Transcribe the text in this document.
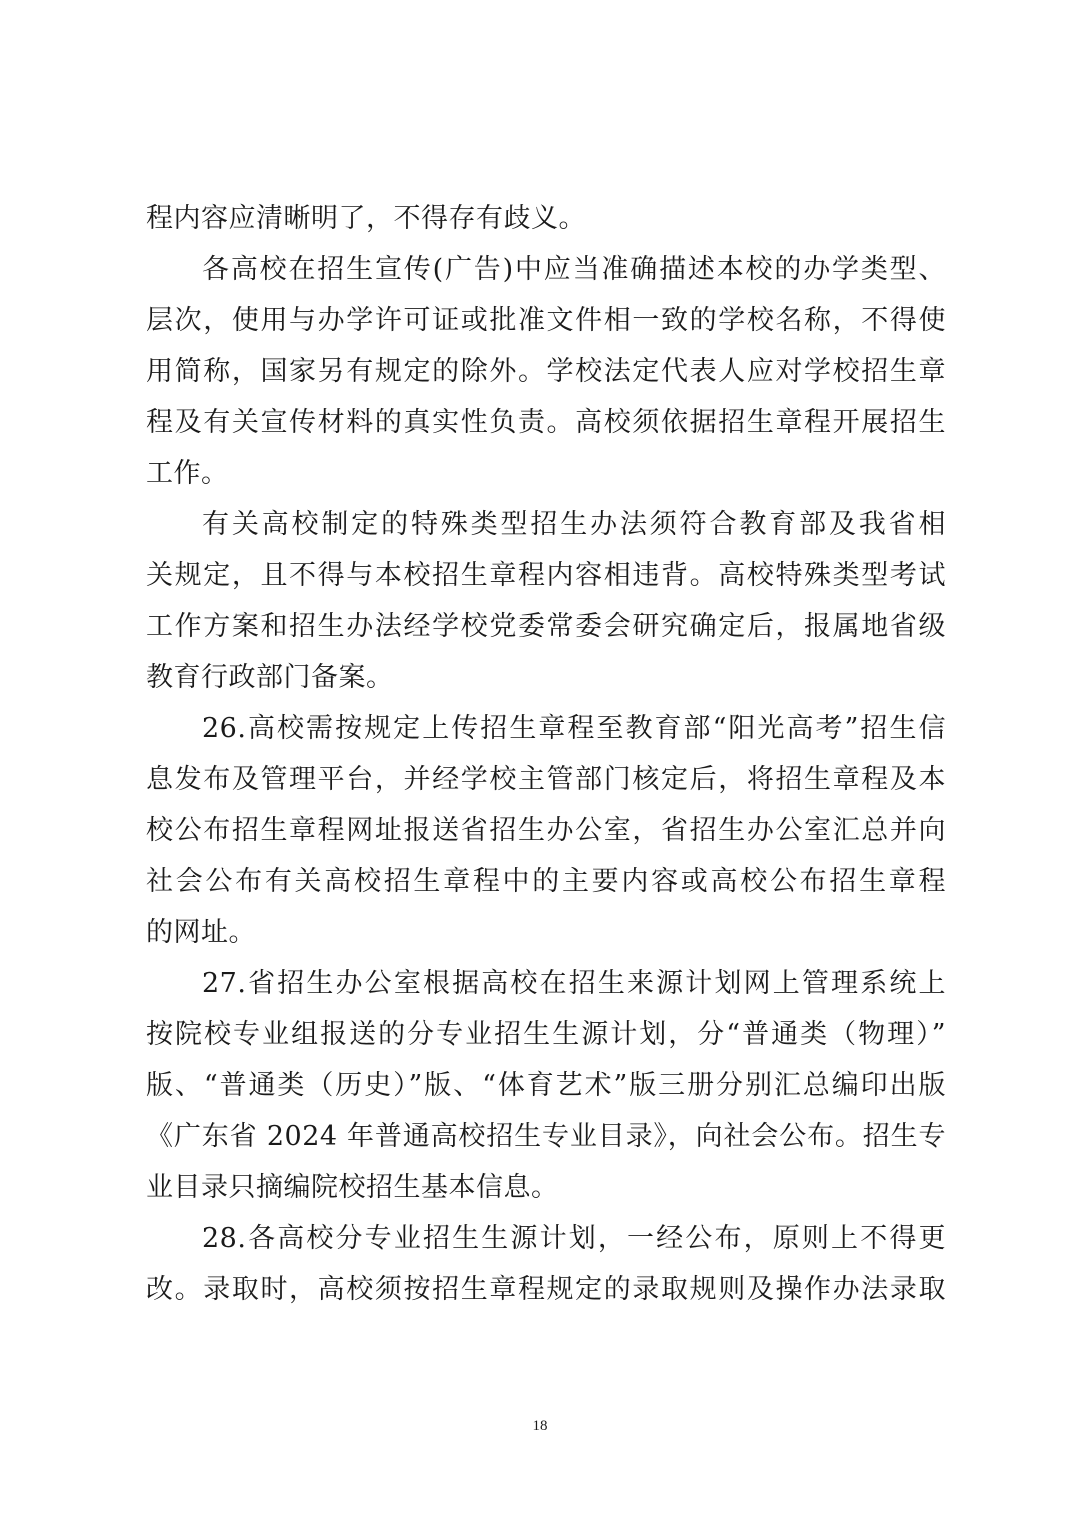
程内容应清晰明了，不得存有歧义。
各高校在招生宣传(广告)中应当准确描述本校的办学类型、
层次，使用与办学许可证或批准文件相一致的学校名称，不得使
用简称，国家另有规定的除外。学校法定代表人应对学校招生章
程及有关宣传材料的真实性负责。高校须依据招生章程开展招生
工作。
有关高校制定的特殊类型招生办法须符合教育部及我省相
关规定，且不得与本校招生章程内容相违背。高校特殊类型考试
工作方案和招生办法经学校党委常委会研究确定后，报属地省级
教育行政部门备案。
26.高校需按规定上传招生章程至教育部“阳光高考”招生信
息发布及管理平台，并经学校主管部门核定后，将招生章程及本
校公布招生章程网址报送省招生办公室，省招生办公室汇总并向
社会公布有关高校招生章程中的主要内容或高校公布招生章程
的网址。
27.省招生办公室根据高校在招生来源计划网上管理系统上
按院校专业组报送的分专业招生生源计划，分“普通类（物理）”
版、“普通类（历史）”版、“体育艺术”版三册分别汇总编印出版
《广东省 2024 年普通高校招生专业目录》，向社会公布。招生专
业目录只摘编院校招生基本信息。
28.各高校分专业招生生源计划，一经公布，原则上不得更
改。录取时，高校须按招生章程规定的录取规则及操作办法录取
18
